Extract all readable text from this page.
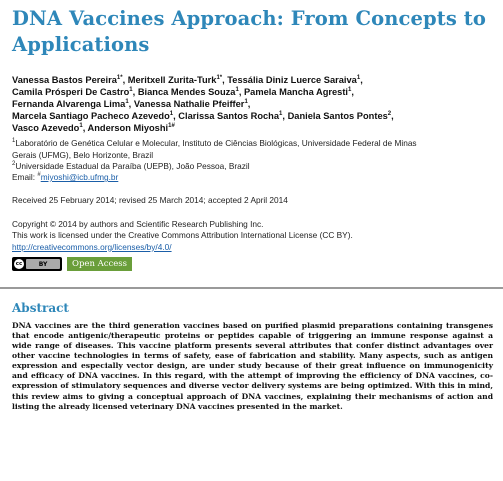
DNA Vaccines Approach: From Concepts to
Applications
Vanessa Bastos Pereira$^{1*}$, Meritxell Zurita-Turk$^{1*}$, Tessália Diniz Luerce Saraiva$^1$,
Camila Prósperi De Castro$^1$, Bianca Mendes Souza$^1$, Pamela Mancha Agresti$^1$,
Fernanda Alvarenga Lima$^1$, Vanessa Nathalie Pfeiffer$^1$,
Marcela Santiago Pacheco Azevedo$^1$, Clarissa Santos Rocha$^1$, Daniela Santos Pontes$^2$,
Vasco Azevedo$^1$, Anderson Miyoshi$^{1\#}$
$^1$Laboratório de Genética Celular e Molecular, Instituto de Ciências Biológicas, Universidade Federal de Minas
Gerais (UFMG), Belo Horizonte, Brazil
$^2$Universidade Estadual da Paraíba (UEPB), João Pessoa, Brazil
Email: #miyoshi@icb.ufmg.br
Received 25 February 2014; revised 25 March 2014; accepted 2 April 2014
Copyright © 2014 by authors and Scientific Research Publishing Inc.
This work is licensed under the Creative Commons Attribution International License (CC BY).
http://creativecommons.org/licenses/by/4.0/
cc	BY	Open Access
Abstract
DNA vaccines are the third generation vaccines based on purified plasmid preparations containing transgenes that encode antigenic/therapeutic proteins or peptides capable of triggering an immune response against a wide range of diseases. This vaccine platform presents several attributes that confer distinct advantages over other vaccine technologies in terms of safety, ease of fabrication and stability. Many aspects, such as antigen expression and especially vector design, are under study because of their great influence on immunogenicity and efficacy of DNA vaccines. In this regard, with the attempt of improving the efficiency of DNA vaccines, co-expression of stimulatory sequences and diverse vector delivery systems are being optimized. With this in mind, this review aims to giving a conceptual approach of DNA vaccines, explaining their mechanisms of action and listing the already licensed veterinary DNA vaccines presented in the market.
